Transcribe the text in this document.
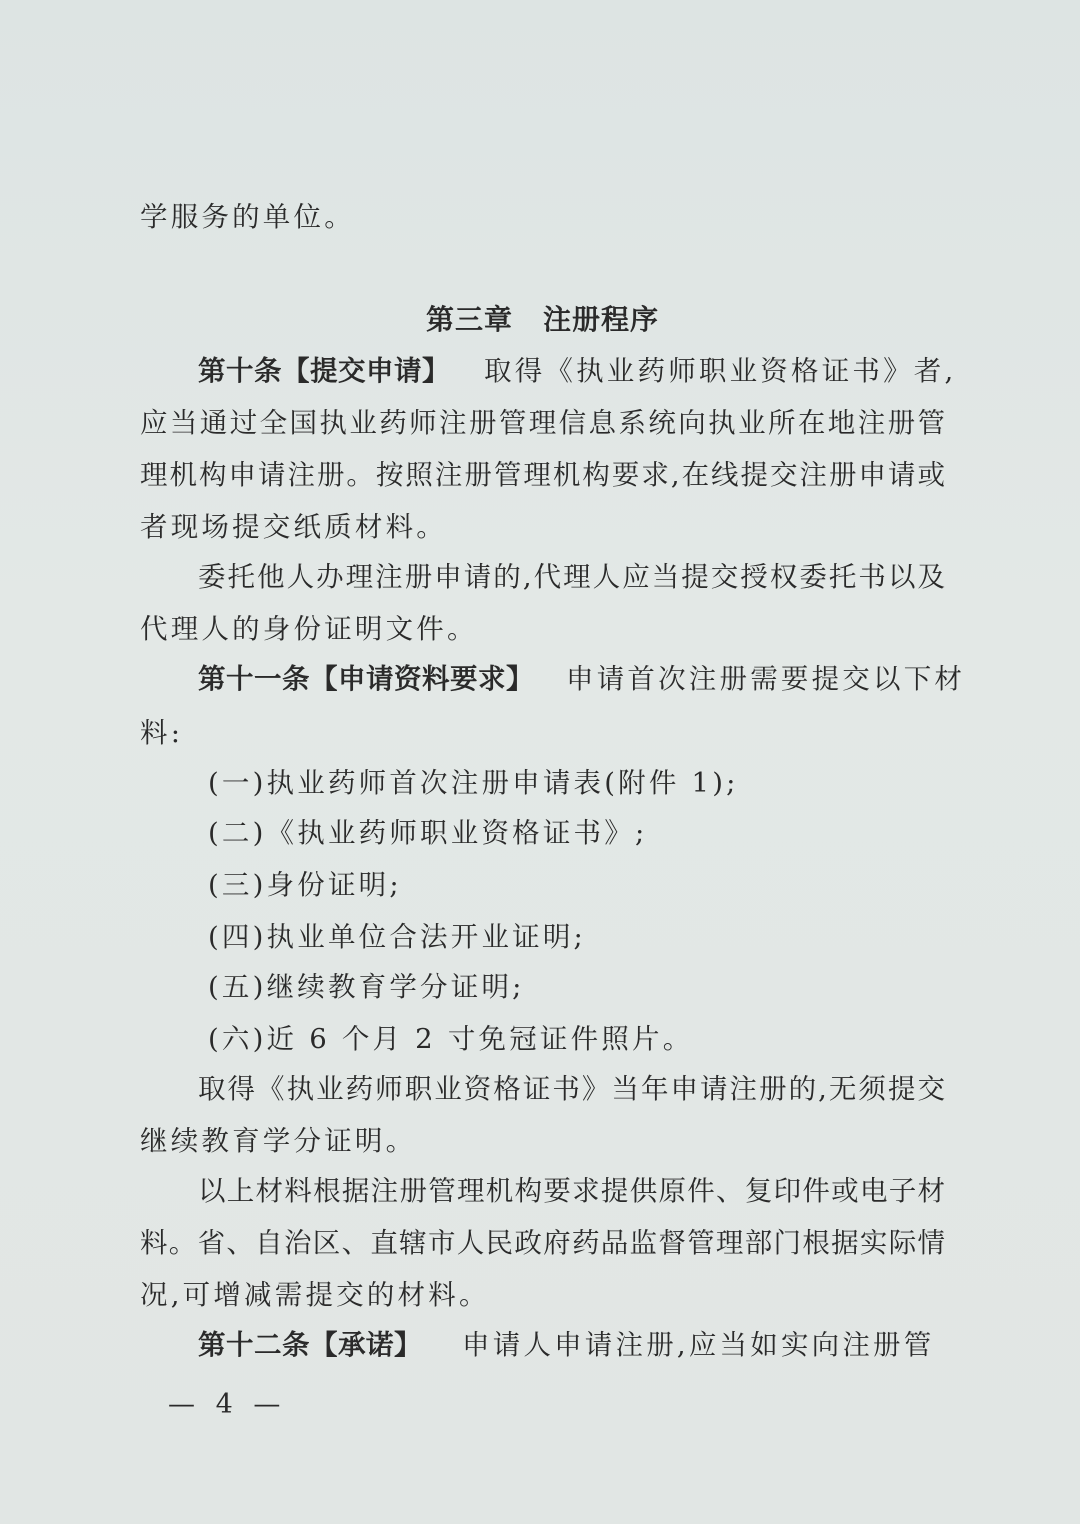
学服务的单位。
第三章 注册程序
第十条【提交申请】 取得《执业药师职业资格证书》者,
应当通过全国执业药师注册管理信息系统向执业所在地注册管
理机构申请注册。按照注册管理机构要求,在线提交注册申请或
者现场提交纸质材料。
委托他人办理注册申请的,代理人应当提交授权委托书以及
代理人的身份证明文件。
第十一条【申请资料要求】 申请首次注册需要提交以下材
料:
(一)执业药师首次注册申请表(附件 1);
(二)《执业药师职业资格证书》;
(三)身份证明;
(四)执业单位合法开业证明;
(五)继续教育学分证明;
(六)近 6 个月 2 寸免冠证件照片。
取得《执业药师职业资格证书》当年申请注册的,无须提交
继续教育学分证明。
以上材料根据注册管理机构要求提供原件、复印件或电子材
料。省、自治区、直辖市人民政府药品监督管理部门根据实际情
况,可增减需提交的材料。
第十二条【承诺】 申请人申请注册,应当如实向注册管
— 4 —
